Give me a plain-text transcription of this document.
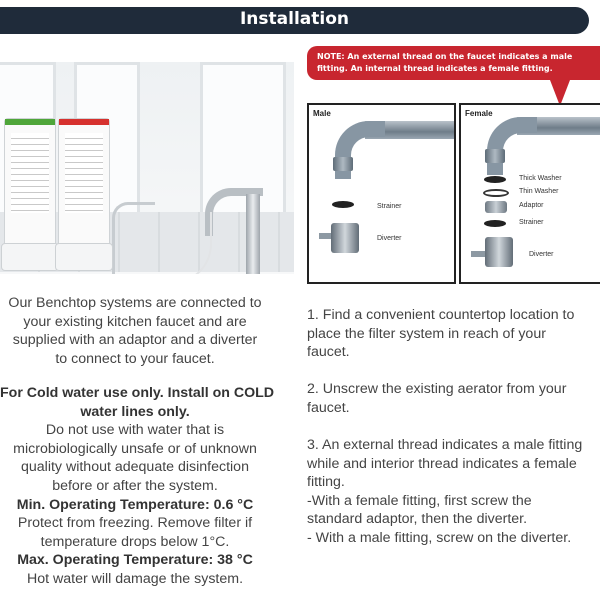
Installation
NOTE: An external thread on the faucet indicates a male
fitting. An internal thread indicates a female fitting.
Male
Strainer
Diverter
Female
Thick Washer
Thin Washer
Adaptor
Strainer
Diverter
Our Benchtop systems are connected to
your existing kitchen faucet and are
supplied with an adaptor and a diverter
to connect to your faucet.
For Cold water use only. Install on COLD
water lines only.
Do not use with water that is
microbiologically unsafe or of unknown
quality without adequate disinfection
before or after the system.
Min. Operating Temperature: 0.6 °C
Protect from freezing. Remove filter if
temperature drops below 1°C.
Max. Operating Temperature: 38 °C
Hot water will damage the system.
1. Find a convenient countertop location to
place the filter system in reach of your
faucet.
2. Unscrew the existing aerator from your
faucet.
3. An external thread indicates a male fitting
while and interior thread indicates a female
fitting.
-With a female fitting, first screw the
standard adaptor, then the diverter.
- With a male fitting, screw on the diverter.
